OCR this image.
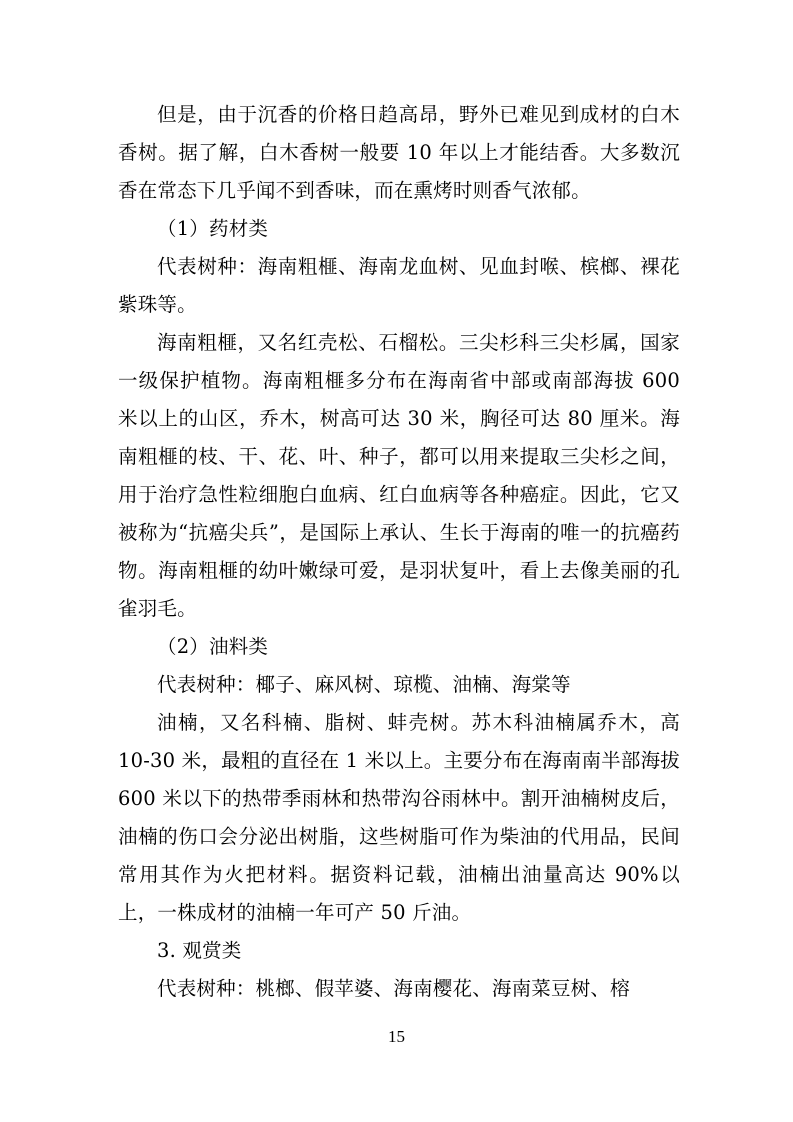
但是，由于沉香的价格日趋高昂，野外已难见到成材的白木香树。据了解，白木香树一般要 10 年以上才能结香。大多数沉香在常态下几乎闻不到香味，而在熏烤时则香气浓郁。

（1）药材类

代表树种：海南粗榧、海南龙血树、见血封喉、槟榔、裸花紫珠等。

海南粗榧，又名红壳松、石榴松。三尖杉科三尖杉属，国家一级保护植物。海南粗榧多分布在海南省中部或南部海拔 600 米以上的山区，乔木，树高可达 30 米，胸径可达 80 厘米。海南粗榧的枝、干、花、叶、种子，都可以用来提取三尖杉之间，用于治疗急性粒细胞白血病、红白血病等各种癌症。因此，它又被称为“抗癌尖兵”，是国际上承认、生长于海南的唯一的抗癌药物。海南粗榧的幼叶嫩绿可爱，是羽状复叶，看上去像美丽的孔雀羽毛。

（2）油料类

代表树种：椰子、麻风树、琼榄、油楠、海棠等

油楠，又名科楠、脂树、蚌壳树。苏木科油楠属乔木，高 10-30 米，最粗的直径在 1 米以上。主要分布在海南南半部海拔 600 米以下的热带季雨林和热带沟谷雨林中。割开油楠树皮后，油楠的伤口会分泌出树脂，这些树脂可作为柴油的代用品，民间常用其作为火把材料。据资料记载，油楠出油量高达 90%以上，一株成材的油楠一年可产 50 斤油。

3. 观赏类

代表树种：桃榔、假苹婆、海南樱花、海南菜豆树、榕

15
